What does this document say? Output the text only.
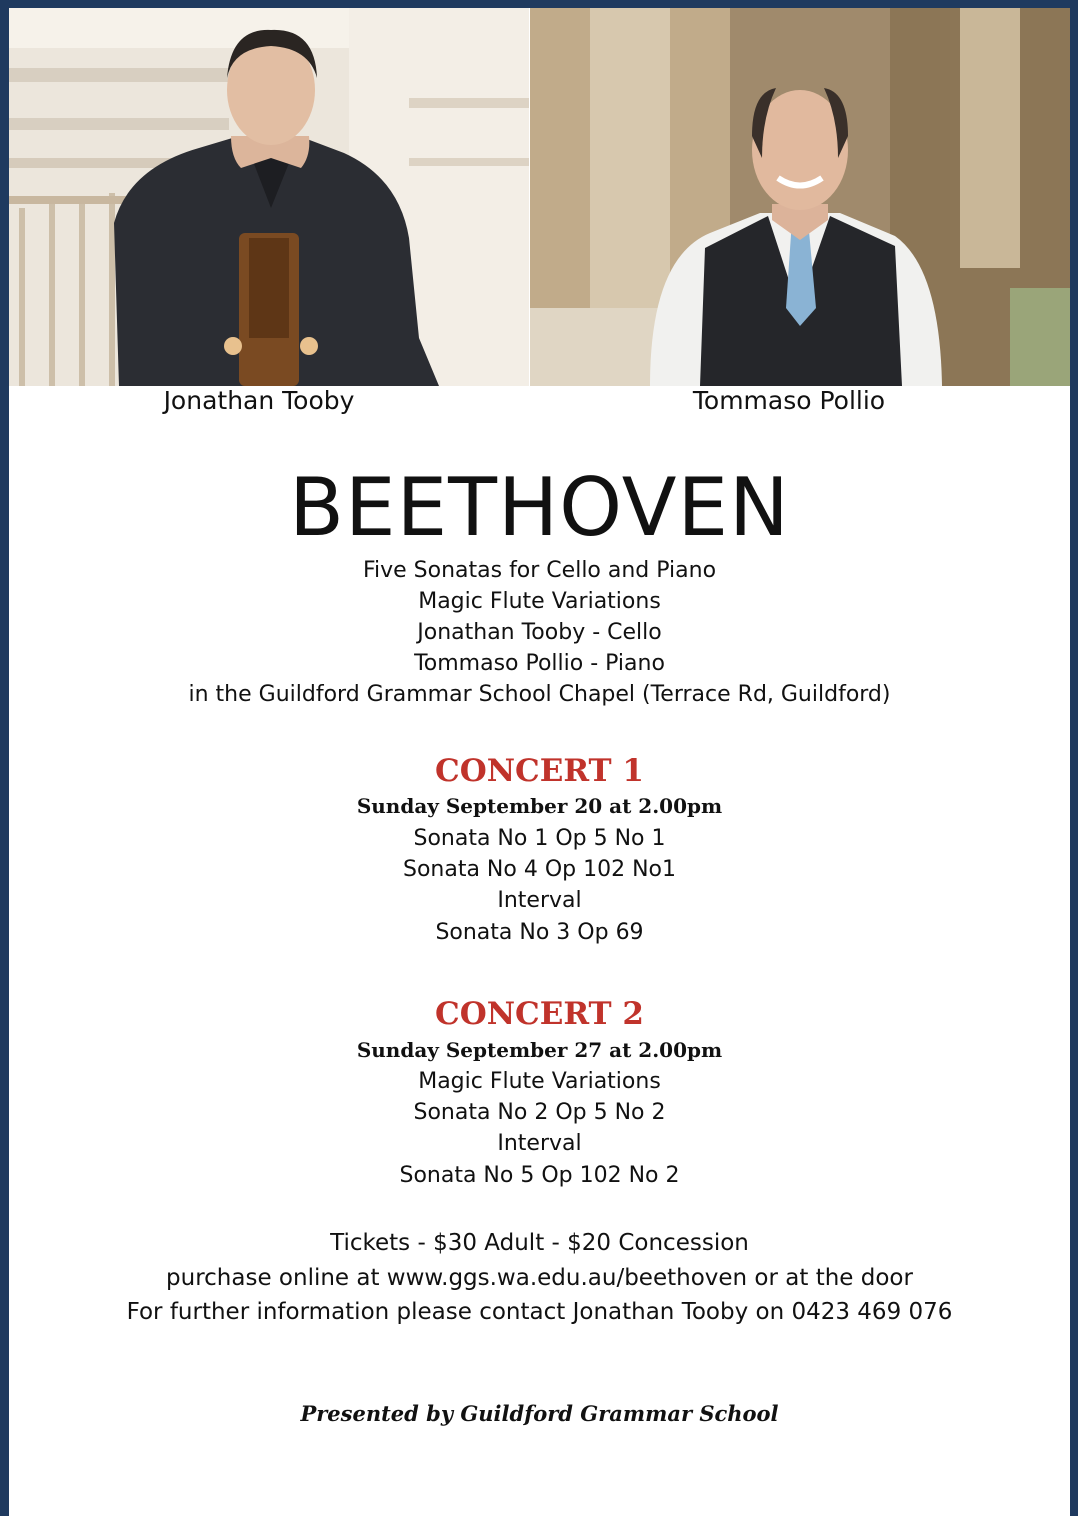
Jonathan Tooby	Tommaso Pollio
BEETHOVEN
Five Sonatas for Cello and Piano
Magic Flute Variations
Jonathan Tooby - Cello
Tommaso Pollio - Piano
in the Guildford Grammar School Chapel (Terrace Rd, Guildford)
CONCERT 1
Sunday September 20 at 2.00pm
Sonata No 1 Op 5 No 1
Sonata No 4 Op 102 No1
Interval
Sonata No 3 Op 69
CONCERT 2
Sunday September 27 at 2.00pm
Magic Flute Variations
Sonata No 2 Op 5 No 2
Interval
Sonata No 5 Op 102 No 2
Tickets - $30 Adult - $20 Concession
purchase online at www.ggs.wa.edu.au/beethoven or at the door
For further information please contact Jonathan Tooby on 0423 469 076
Presented by Guildford Grammar School
